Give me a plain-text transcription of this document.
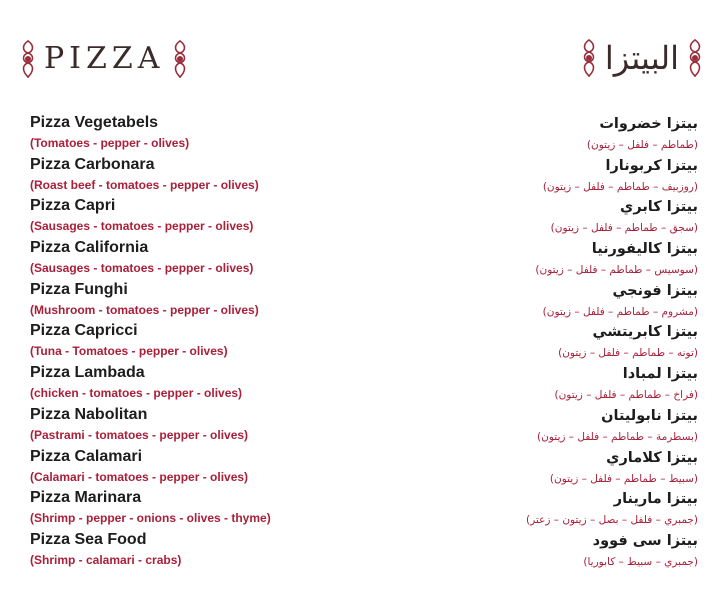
PIZZA	البيتزا
Pizza Vegetabels
(Tomatoes - pepper - olives)
Pizza Carbonara
(Roast beef - tomatoes - pepper - olives)
Pizza Capri
(Sausages - tomatoes - pepper - olives)
Pizza California
(Sausages - tomatoes - pepper - olives)
Pizza Funghi
(Mushroom - tomatoes - pepper - olives)
Pizza Capricci
(Tuna - Tomatoes - pepper - olives)
Pizza Lambada
(chicken - tomatoes - pepper - olives)
Pizza Nabolitan
(Pastrami - tomatoes - pepper - olives)
Pizza Calamari
(Calamari - tomatoes - pepper - olives)
Pizza Marinara
(Shrimp - pepper - onions - olives - thyme)
Pizza Sea Food
(Shrimp - calamari - crabs)
بيتزا خضروات
(طماطم – فلفل – زيتون)
بيتزا كربونارا
(روزبيف – طماطم – فلفل – زيتون)
بيتزا كابري
(سجق – طماطم – فلفل – زيتون)
بيتزا كاليفورنيا
(سوسيس – طماطم – فلفل – زيتون)
بيتزا فونجي
(مشروم – طماطم – فلفل – زيتون)
بيتزا كابريتشي
(تونه – طماطم – فلفل – زيتون)
بيتزا لمبادا
(فراخ – طماطم – فلفل – زيتون)
بيتزا نابوليتان
(بسطرمة – طماطم – فلفل – زيتون)
بيتزا كلاماري
(سبيط – طماطم – فلفل – زيتون)
بيتزا مارينار
(جمبري – فلفل – بصل – زيتون – زعتر)
بيتزا سى فوود
(جمبري – سبيط – كابوريا)
